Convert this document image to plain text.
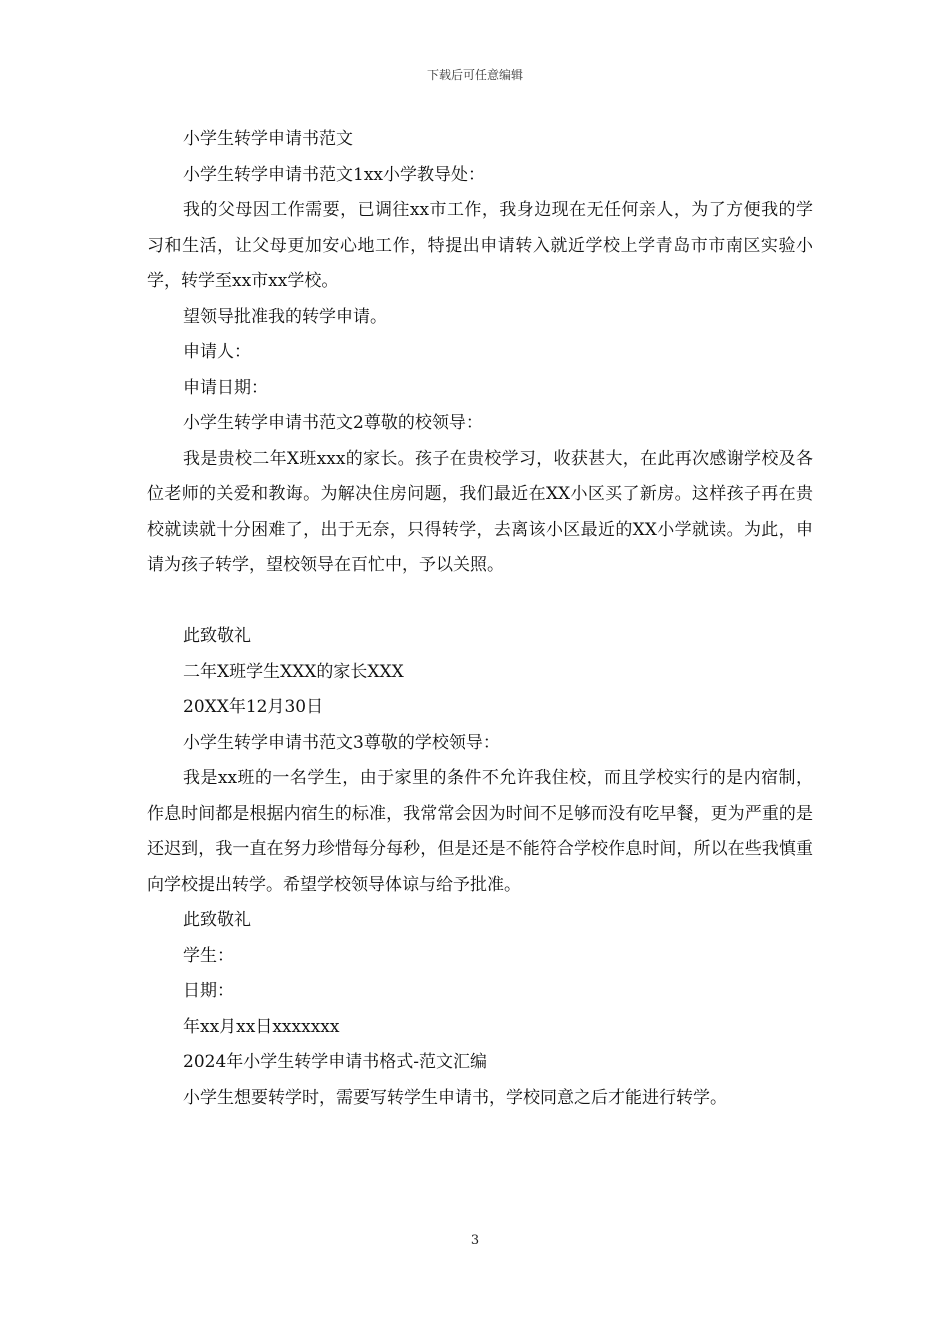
下载后可任意编辑

小学生转学申请书范文

小学生转学申请书范文1xx小学教导处：

我的父母因工作需要，已调往xx市工作，我身边现在无任何亲人，为了方便我的学习和生活，让父母更加安心地工作，特提出申请转入就近学校上学青岛市市南区实验小学，转学至xx市xx学校。

望领导批准我的转学申请。

申请人：

申请日期：

小学生转学申请书范文2尊敬的校领导：

我是贵校二年X班xxx的家长。孩子在贵校学习，收获甚大，在此再次感谢学校及各位老师的关爱和教诲。为解决住房问题，我们最近在XX小区买了新房。这样孩子再在贵校就读就十分困难了，出于无奈，只得转学，去离该小区最近的XX小学就读。为此，申请为孩子转学，望校领导在百忙中，予以关照。

此致敬礼

二年X班学生XXX的家长XXX

20XX年12月30日

小学生转学申请书范文3尊敬的学校领导：

我是xx班的一名学生，由于家里的条件不允许我住校，而且学校实行的是内宿制，作息时间都是根据内宿生的标准，我常常会因为时间不足够而没有吃早餐，更为严重的是还迟到，我一直在努力珍惜每分每秒，但是还是不能符合学校作息时间，所以在些我慎重向学校提出转学。希望学校领导体谅与给予批准。

此致敬礼

学生：

日期：

年xx月xx日xxxxxxx

2024年小学生转学申请书格式-范文汇编

小学生想要转学时，需要写转学生申请书，学校同意之后才能进行转学。

3
